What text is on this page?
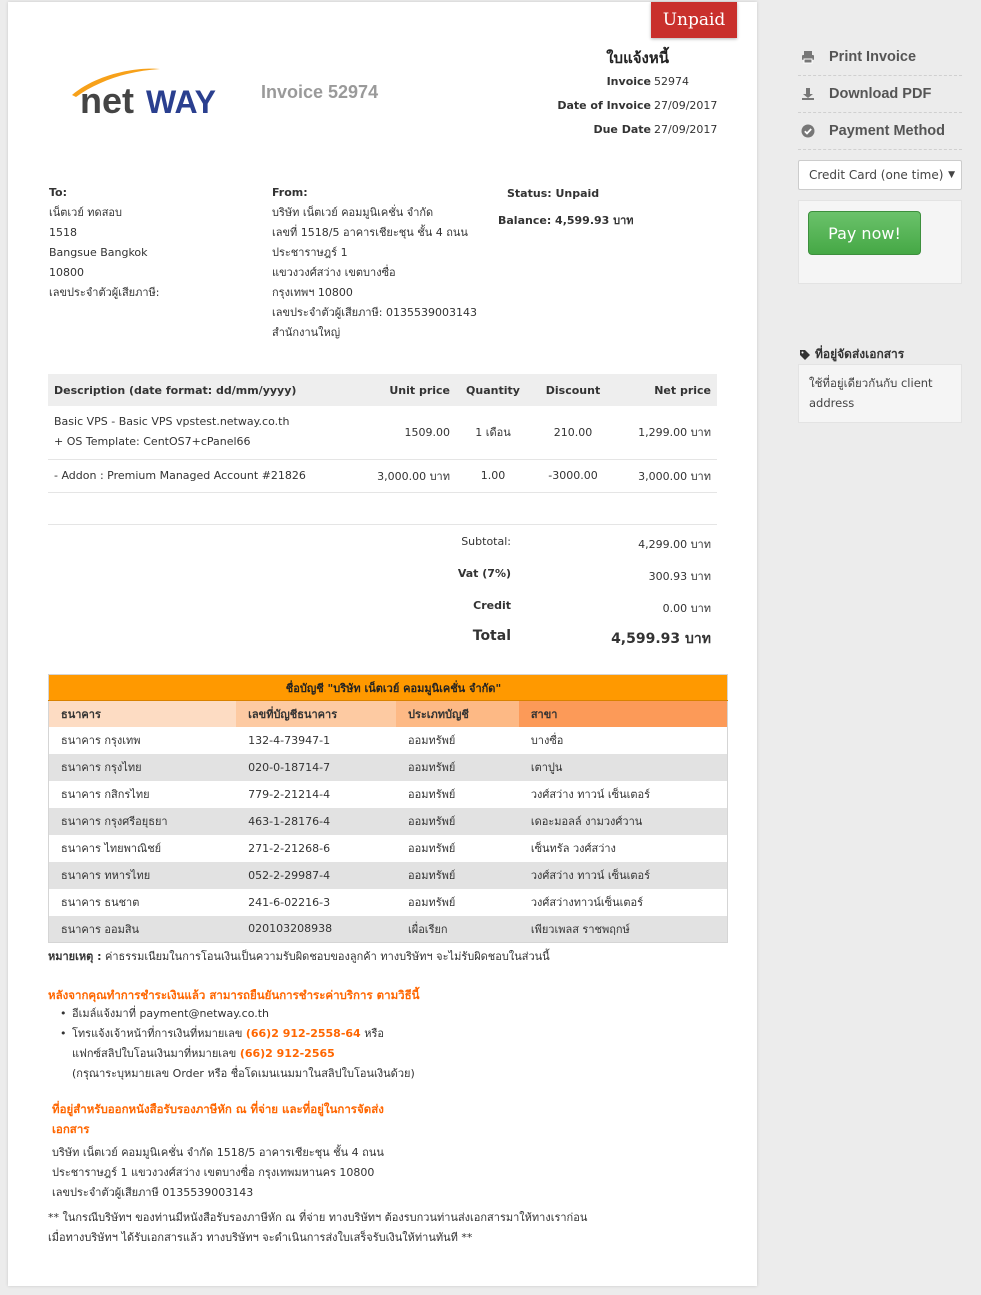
Unpaid
net WAY	Invoice 52974
ใบแจ้งหนี้
Invoice 52974
Date of Invoice 27/09/2017
Due Date 27/09/2017
To:
เน็ตเวย์ ทดสอบ
1518
Bangsue Bangkok
10800
เลขประจำตัวผู้เสียภาษี:
From:
บริษัท เน็ตเวย์ คอมมูนิเคชั่น จำกัด
เลขที่ 1518/5 อาคารเชียะชุน ชั้น 4 ถนน
ประชาราษฎร์ 1
แขวงวงศ์สว่าง เขตบางซื่อ
กรุงเทพฯ 10800
เลขประจำตัวผู้เสียภาษี: 0135539003143
สำนักงานใหญ่
Status: Unpaid
Balance: 4,599.93 บาท
Description (date format: dd/mm/yyyy)	Unit price	Quantity	Discount	Net price

Basic VPS - Basic VPS vpstest.netway.co.th
+ OS Template: CentOS7+cPanel66	1509.00	1 เดือน	210.00	1,299.00 บาท
- Addon : Premium Managed Account #21826	3,000.00 บาท	1.00	-3000.00	3,000.00 บาท
Subtotal:	4,299.00 บาท
Vat (7%)	300.93 บาท
Credit	0.00 บาท
Total	4,599.93 บาท
ชื่อบัญชี "บริษัท เน็ตเวย์ คอมมูนิเคชั่น จำกัด"			
ธนาคาร	เลขที่บัญชีธนาคาร	ประเภทบัญชี	สาขา
ธนาคาร กรุงเทพ	132-4-73947-1	ออมทรัพย์	บางซื่อ
ธนาคาร กรุงไทย	020-0-18714-7	ออมทรัพย์	เตาปูน
ธนาคาร กสิกรไทย	779-2-21214-4	ออมทรัพย์	วงศ์สว่าง ทาวน์ เซ็นเตอร์
ธนาคาร กรุงศรีอยุธยา	463-1-28176-4	ออมทรัพย์	เดอะมอลล์ งามวงศ์วาน
ธนาคาร ไทยพาณิชย์	271-2-21268-6	ออมทรัพย์	เซ็นทรัล วงศ์สว่าง
ธนาคาร ทหารไทย	052-2-29987-4	ออมทรัพย์	วงศ์สว่าง ทาวน์ เซ็นเตอร์
ธนาคาร ธนชาต	241-6-02216-3	ออมทรัพย์	วงศ์สว่างทาวน์เซ็นเตอร์
ธนาคาร ออมสิน	020103208938	เผื่อเรียก	เพียวเพลส ราชพฤกษ์
หมายเหตุ : ค่าธรรมเนียมในการโอนเงินเป็นความรับผิดชอบของลูกค้า ทางบริษัทฯ จะไม่รับผิดชอบในส่วนนี้
หลังจากคุณทำการชำระเงินแล้ว สามารถยืนยันการชำระค่าบริการ ตามวิธีนี้
• อีเมล์แจ้งมาที่ payment@netway.co.th
• โทรแจ้งเจ้าหน้าที่การเงินที่หมายเลข (66)2 912-2558-64 หรือ
แฟกซ์สลิปใบโอนเงินมาที่หมายเลข (66)2 912-2565
(กรุณาระบุหมายเลข Order หรือ ชื่อโดเมนเนมมาในสลิปใบโอนเงินด้วย)
ที่อยู่สำหรับออกหนังสือรับรองภาษีหัก ณ ที่จ่าย และที่อยู่ในการจัดส่งเอกสาร
บริษัท เน็ตเวย์ คอมมูนิเคชั่น จำกัด 1518/5 อาคารเชียะชุน ชั้น 4 ถนน
ประชาราษฎร์ 1 แขวงวงศ์สว่าง เขตบางซื่อ กรุงเทพมหานคร 10800
เลขประจำตัวผู้เสียภาษี 0135539003143
** ในกรณีบริษัทฯ ของท่านมีหนังสือรับรองภาษีหัก ณ ที่จ่าย ทางบริษัทฯ ต้องรบกวนท่านส่งเอกสารมาให้ทางเราก่อน
เมื่อทางบริษัทฯ ได้รับเอกสารแล้ว ทางบริษัทฯ จะดำเนินการส่งใบเสร็จรับเงินให้ท่านทันที **
Print Invoice
Download PDF
Payment Method
Credit Card (one time) ▼
Pay now!
ที่อยู่จัดส่งเอกสาร
ใช้ที่อยู่เดียวกันกับ client address
